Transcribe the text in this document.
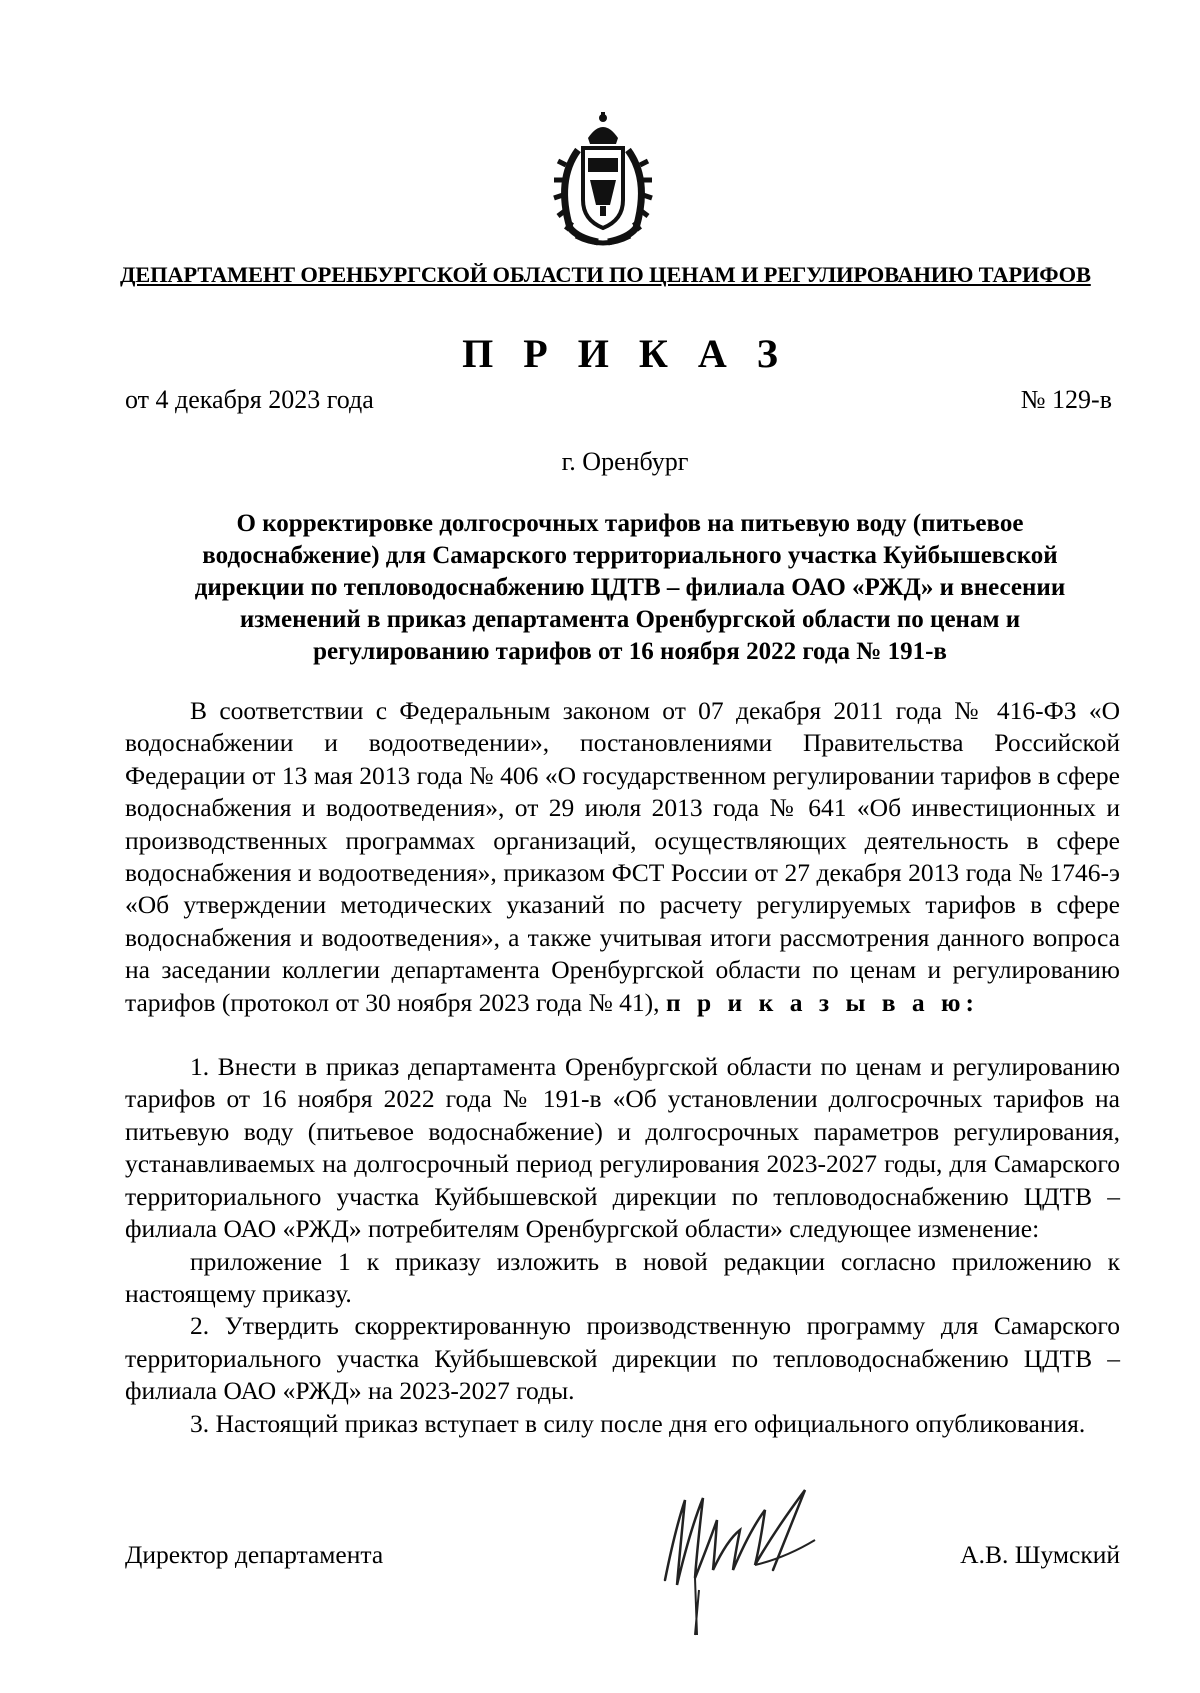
ДЕПАРТАМЕНТ ОРЕНБУРГСКОЙ ОБЛАСТИ ПО ЦЕНАМ И РЕГУЛИРОВАНИЮ ТАРИФОВ
П Р И К А З
от 4 декабря 2023 года	№ 129-в
г. Оренбург
О корректировке долгосрочных тарифов на питьевую воду (питьевое
водоснабжение) для Самарского территориального участка Куйбышевской
дирекции по тепловодоснабжению ЦДТВ – филиала ОАО «РЖД» и внесении
изменений в приказ департамента Оренбургской области по ценам и
регулированию тарифов от 16 ноября 2022 года № 191-в

В соответствии с Федеральным законом от 07 декабря 2011 года № 416-ФЗ «О водоснабжении и водоотведении», постановлениями Правительства Российской Федерации от 13 мая 2013 года № 406 «О государственном регулировании тарифов в сфере водоснабжения и водоотведения», от 29 июля 2013 года № 641 «Об инвестиционных и производственных программах организаций, осуществляющих деятельность в сфере водоснабжения и водоотведения», приказом ФСТ России от 27 декабря 2013 года № 1746-э «Об утверждении методических указаний по расчету регулируемых тарифов в сфере водоснабжения и водоотведения», а также учитывая итоги рассмотрения данного вопроса на заседании коллегии департамента Оренбургской области по ценам и регулированию тарифов (протокол от 30 ноября 2023 года № 41), п р и к а з ы в а ю:

1. Внести в приказ департамента Оренбургской области по ценам и регулированию тарифов от 16 ноября 2022 года № 191-в «Об установлении долгосрочных тарифов на питьевую воду (питьевое водоснабжение) и долгосрочных параметров регулирования, устанавливаемых на долгосрочный период регулирования 2023-2027 годы, для Самарского территориального участка Куйбышевской дирекции по тепловодоснабжению ЦДТВ – филиала ОАО «РЖД» потребителям Оренбургской области» следующее изменение:

приложение 1 к приказу изложить в новой редакции согласно приложению к настоящему приказу.

2. Утвердить скорректированную производственную программу для Самарского территориального участка Куйбышевской дирекции по тепловодоснабжению ЦДТВ – филиала ОАО «РЖД» на 2023-2027 годы.

3. Настоящий приказ вступает в силу после дня его официального опубликования.

Директор департамента	А.В. Шумский
